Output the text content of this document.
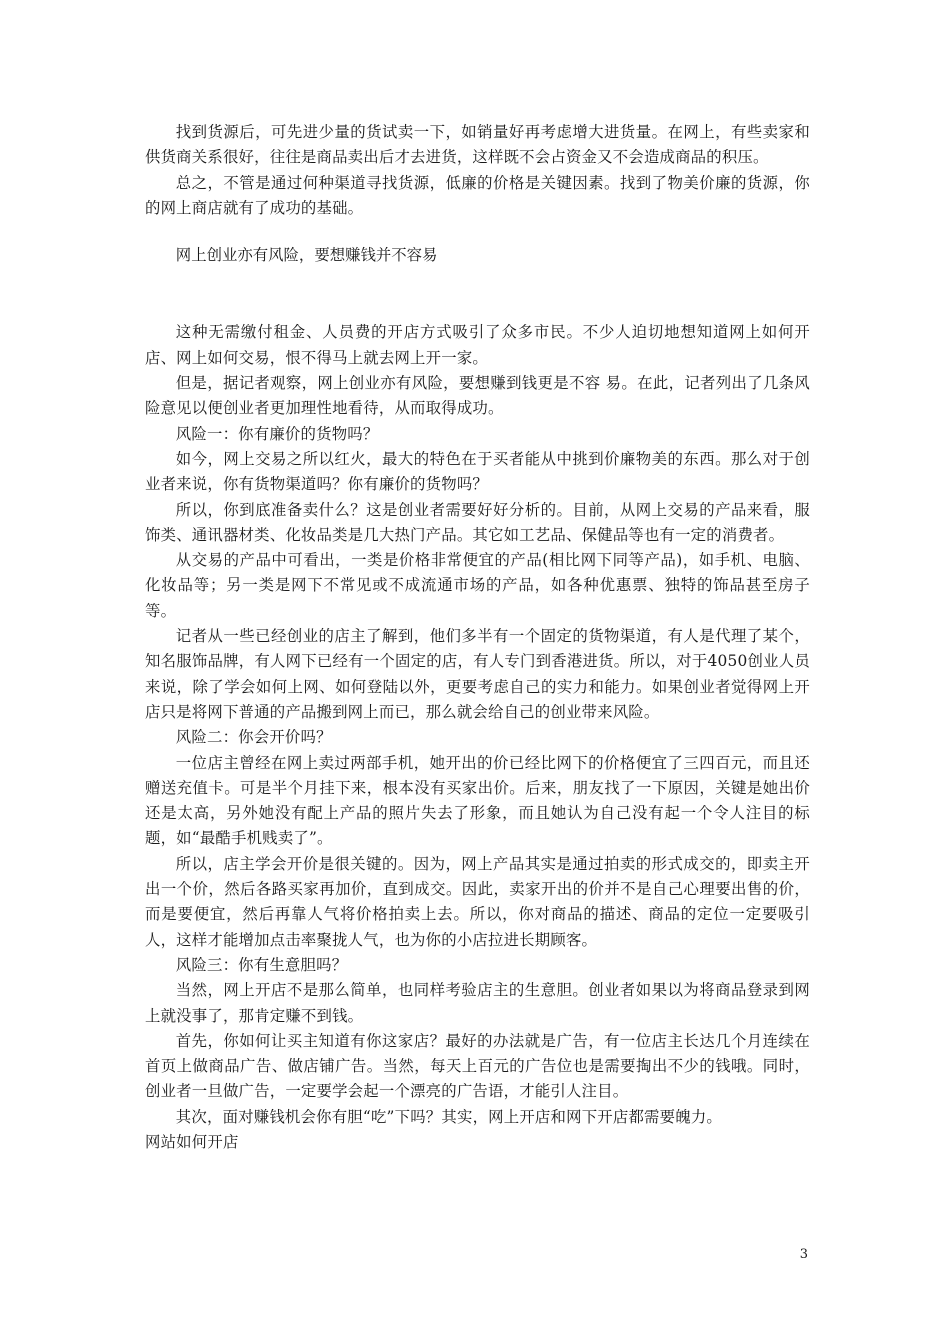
找到货源后，可先进少量的货试卖一下，如销量好再考虑增大进货量。在网上，有些卖家和供货商关系很好，往往是商品卖出后才去进货，这样既不会占资金又不会造成商品的积压。

总之，不管是通过何种渠道寻找货源，低廉的价格是关键因素。找到了物美价廉的货源，你的网上商店就有了成功的基础。

网上创业亦有风险，要想赚钱并不容易

这种无需缴付租金、人员费的开店方式吸引了众多市民。不少人迫切地想知道网上如何开店、网上如何交易，恨不得马上就去网上开一家。

但是，据记者观察，网上创业亦有风险，要想赚到钱更是不容 易。在此，记者列出了几条风险意见以便创业者更加理性地看待，从而取得成功。

风险一：你有廉价的货物吗？

如今，网上交易之所以红火，最大的特色在于买者能从中挑到价廉物美的东西。那么对于创业者来说，你有货物渠道吗？你有廉价的货物吗？

所以，你到底准备卖什么？这是创业者需要好好分析的。目前，从网上交易的产品来看，服饰类、通讯器材类、化妆品类是几大热门产品。其它如工艺品、保健品等也有一定的消费者。

从交易的产品中可看出，一类是价格非常便宜的产品(相比网下同等产品)，如手机、电脑、化妆品等；另一类是网下不常见或不成流通市场的产品，如各种优惠票、独特的饰品甚至房子等。

记者从一些已经创业的店主了解到，他们多半有一个固定的货物渠道，有人是代理了某个，知名服饰品牌，有人网下已经有一个固定的店，有人专门到香港进货。所以，对于4050创业人员来说，除了学会如何上网、如何登陆以外，更要考虑自己的实力和能力。如果创业者觉得网上开店只是将网下普通的产品搬到网上而已，那么就会给自己的创业带来风险。

风险二：你会开价吗？

一位店主曾经在网上卖过两部手机，她开出的价已经比网下的价格便宜了三四百元，而且还赠送充值卡。可是半个月挂下来，根本没有买家出价。后来，朋友找了一下原因，关键是她出价还是太高，另外她没有配上产品的照片失去了形象，而且她认为自己没有起一个令人注目的标题，如“最酷手机贱卖了”。

所以，店主学会开价是很关键的。因为，网上产品其实是通过拍卖的形式成交的，即卖主开出一个价，然后各路买家再加价，直到成交。因此，卖家开出的价并不是自己心理要出售的价，而是要便宜，然后再靠人气将价格拍卖上去。所以，你对商品的描述、商品的定位一定要吸引人，这样才能增加点击率聚拢人气，也为你的小店拉进长期顾客。

风险三：你有生意胆吗？

当然，网上开店不是那么简单，也同样考验店主的生意胆。创业者如果以为将商品登录到网上就没事了，那肯定赚不到钱。

首先，你如何让买主知道有你这家店？最好的办法就是广告，有一位店主长达几个月连续在首页上做商品广告、做店铺广告。当然，每天上百元的广告位也是需要掏出不少的钱哦。同时，创业者一旦做广告，一定要学会起一个漂亮的广告语，才能引人注目。

其次，面对赚钱机会你有胆“吃”下吗？其实，网上开店和网下开店都需要魄力。

网站如何开店

3
